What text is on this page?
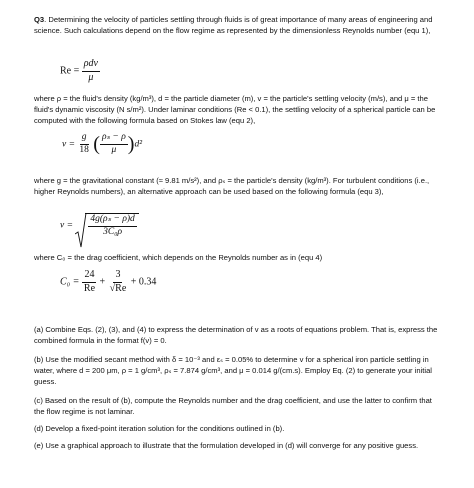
Q3. Determining the velocity of particles settling through fluids is of great importance of many areas of engineering and science. Such calculations depend on the flow regime as represented by the dimensionless Reynolds number (equ 1),

$Re = \frac{\text{ρdv}}{\mu}$

where ρ = the fluid's density (kg/m³), d = the particle diameter (m), v = the particle's settling velocity (m/s), and μ = the fluid's dynamic viscosity (N s/m²). Under laminar conditions (Re < 0.1), the settling velocity of a spherical particle can be computed with the following formula based on Stokes law (equ 2),

$v = \frac{g}{18}$ ( $\frac{\text{ρₛ − ρ}}{\mu} )d^2$

where g = the gravitational constant (≈ 9.81 m/s²), and ρₛ = the particle's density (kg/m³). For turbulent conditions (i.e., higher Reynolds numbers), an alternative approach can be used based on the following formula (equ 3),

$v = \frac{\text{4g(ρₛ − ρ)d}}{\text{3C₀ρ}}$

where C₀ = the drag coefficient, which depends on the Reynolds number as in (equ 4)

$C_0 = \frac{24}{Re} + \frac{3}{√Re} + 0.34$

(a) Combine Eqs. (2), (3), and (4) to express the determination of v as a roots of equations problem. That is, express the combined formula in the format f(v) = 0.

(b) Use the modified secant method with δ = 10⁻³ and εₛ = 0.05% to determine v for a spherical iron particle settling in water, where d = 200 μm, ρ = 1 g/cm³, ρₛ = 7.874 g/cm³, and μ = 0.014 g/(cm.s). Employ Eq. (2) to generate your initial guess.

(c) Based on the result of (b), compute the Reynolds number and the drag coefficient, and use the latter to confirm that the flow regime is not laminar.

(d) Develop a fixed-point iteration solution for the conditions outlined in (b).

(e) Use a graphical approach to illustrate that the formulation developed in (d) will converge for any positive guess.
